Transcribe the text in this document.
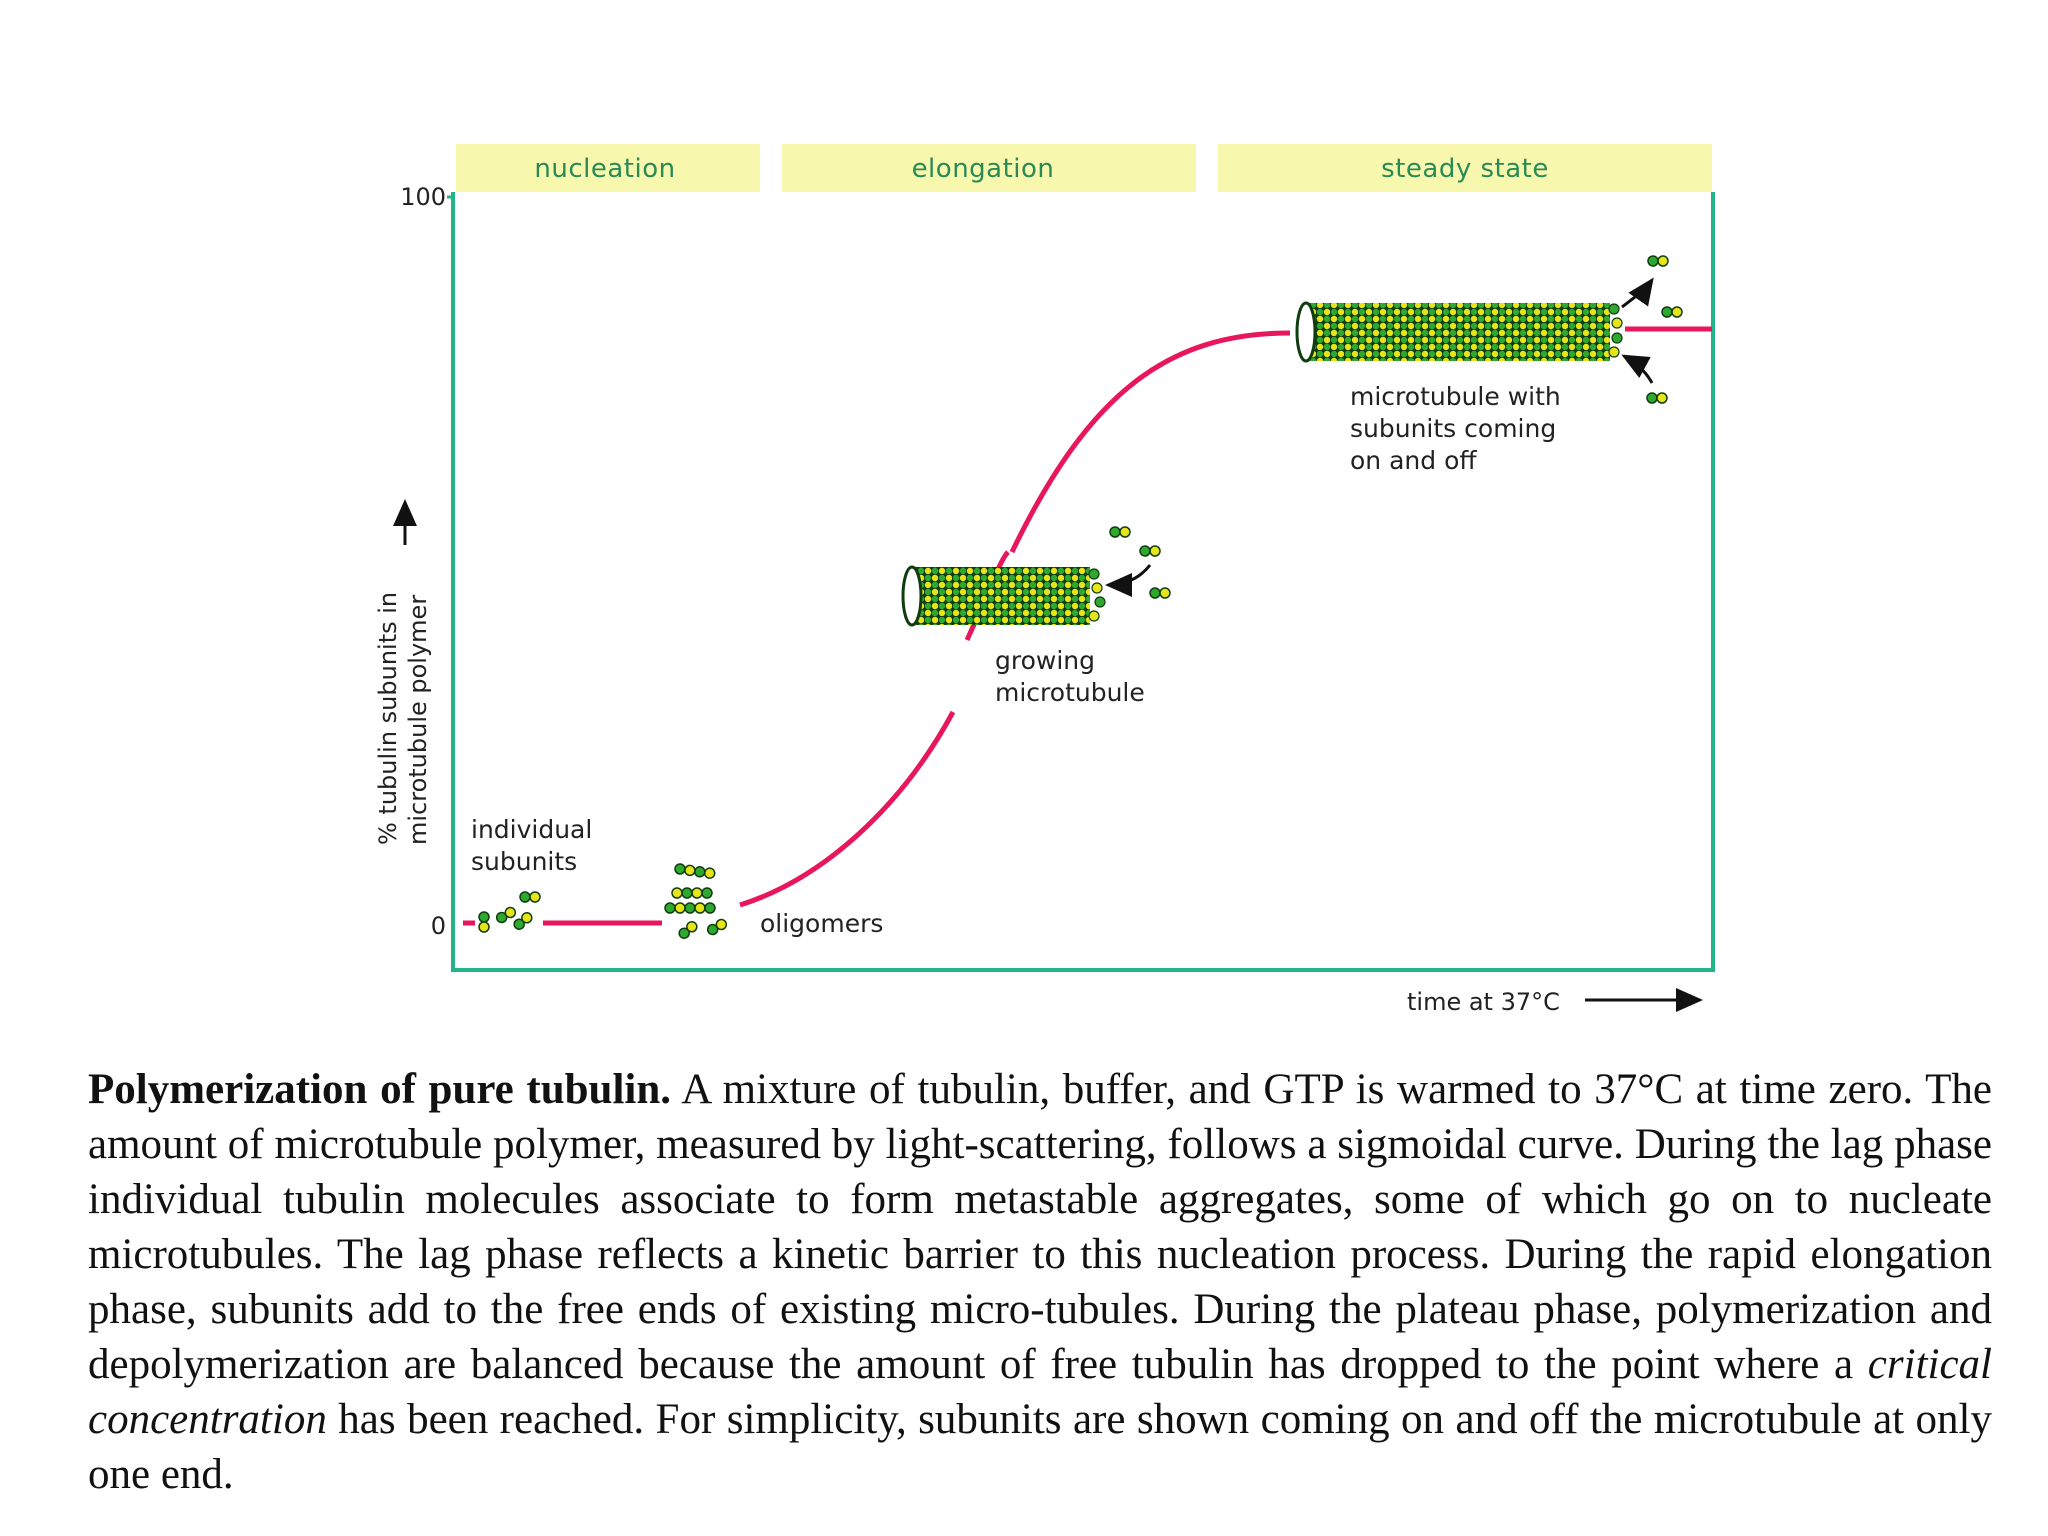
nucleation	elongation	steady state
100
0
% tubulin subunits in microtubule polymer
time at 37°C
individual
subunits
oligomers
growing
microtubule
microtubule with
subunits coming
on and off

Polymerization of pure tubulin. A mixture of tubulin, buffer, and GTP is warmed to 37°C at time zero. The amount of microtubule polymer, measured by light-scattering, follows a sigmoidal curve. During the lag phase individual tubulin molecules associate to form metastable aggregates, some of which go on to nucleate microtubules. The lag phase reflects a kinetic barrier to this nucleation process. During the rapid elongation phase, subunits add to the free ends of existing micro-tubules. During the plateau phase, polymerization and depolymerization are balanced because the amount of free tubulin has dropped to the point where a critical concentration has been reached. For simplicity, subunits are shown coming on and off the microtubule at only one end.
